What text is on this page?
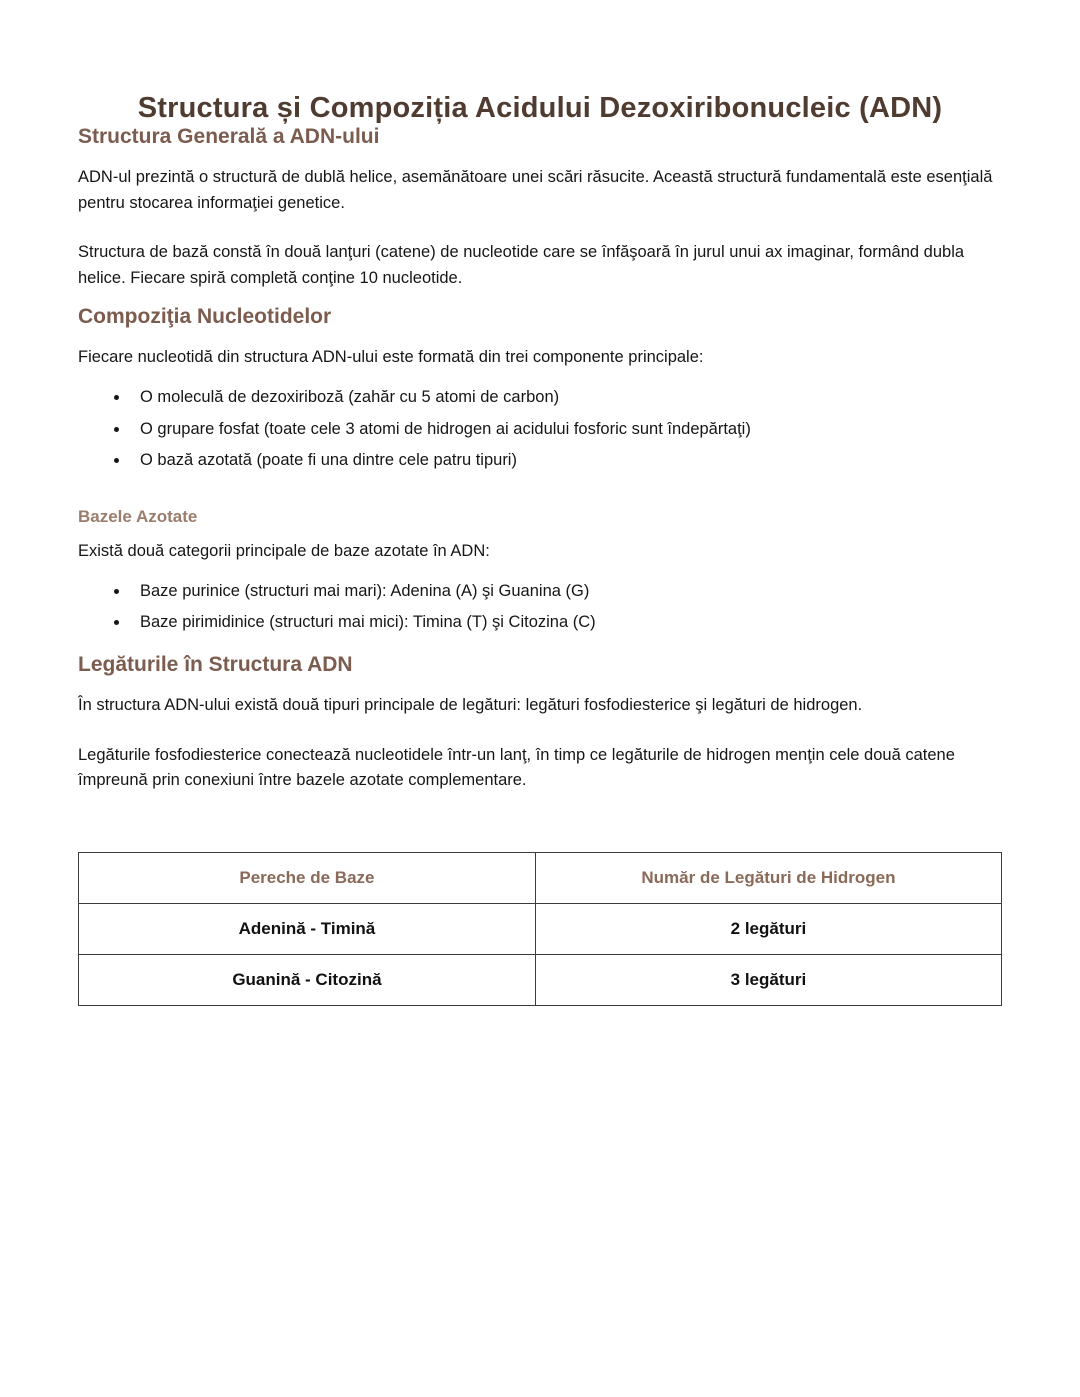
Structura și Compoziția Acidului Dezoxiribonucleic (ADN)
Structura Generală a ADN-ului

ADN-ul prezintă o structură de dublă helice, asemănătoare unei scări răsucite. Această structură fundamentală este esenţială pentru stocarea informaţiei genetice.

Structura de bază constă în două lanţuri (catene) de nucleotide care se înfăşoară în jurul unui ax imaginar, formând dubla helice. Fiecare spiră completă conţine 10 nucleotide.

Compoziţia Nucleotidelor

Fiecare nucleotidă din structura ADN-ului este formată din trei componente principale:

• O moleculă de dezoxiriboză (zahăr cu 5 atomi de carbon)
• O grupare fosfat (toate cele 3 atomi de hidrogen ai acidului fosforic sunt îndepărtaţi)
• O bază azotată (poate fi una dintre cele patru tipuri)
Bazele Azotate

Există două categorii principale de baze azotate în ADN:

• Baze purinice (structuri mai mari): Adenina (A) şi Guanina (G)
• Baze pirimidinice (structuri mai mici): Timina (T) şi Citozina (C)
Legăturile în Structura ADN

În structura ADN-ului există două tipuri principale de legături: legături fosfodiesterice şi legături de hidrogen.

Legăturile fosfodiesterice conectează nucleotidele într-un lanţ, în timp ce legăturile de hidrogen menţin cele două catene împreună prin conexiuni între bazele azotate complementare.

Pereche de Baze	Număr de Legături de Hidrogen
Adenină - Timină	2 legături
Guanină - Citozină	3 legături
